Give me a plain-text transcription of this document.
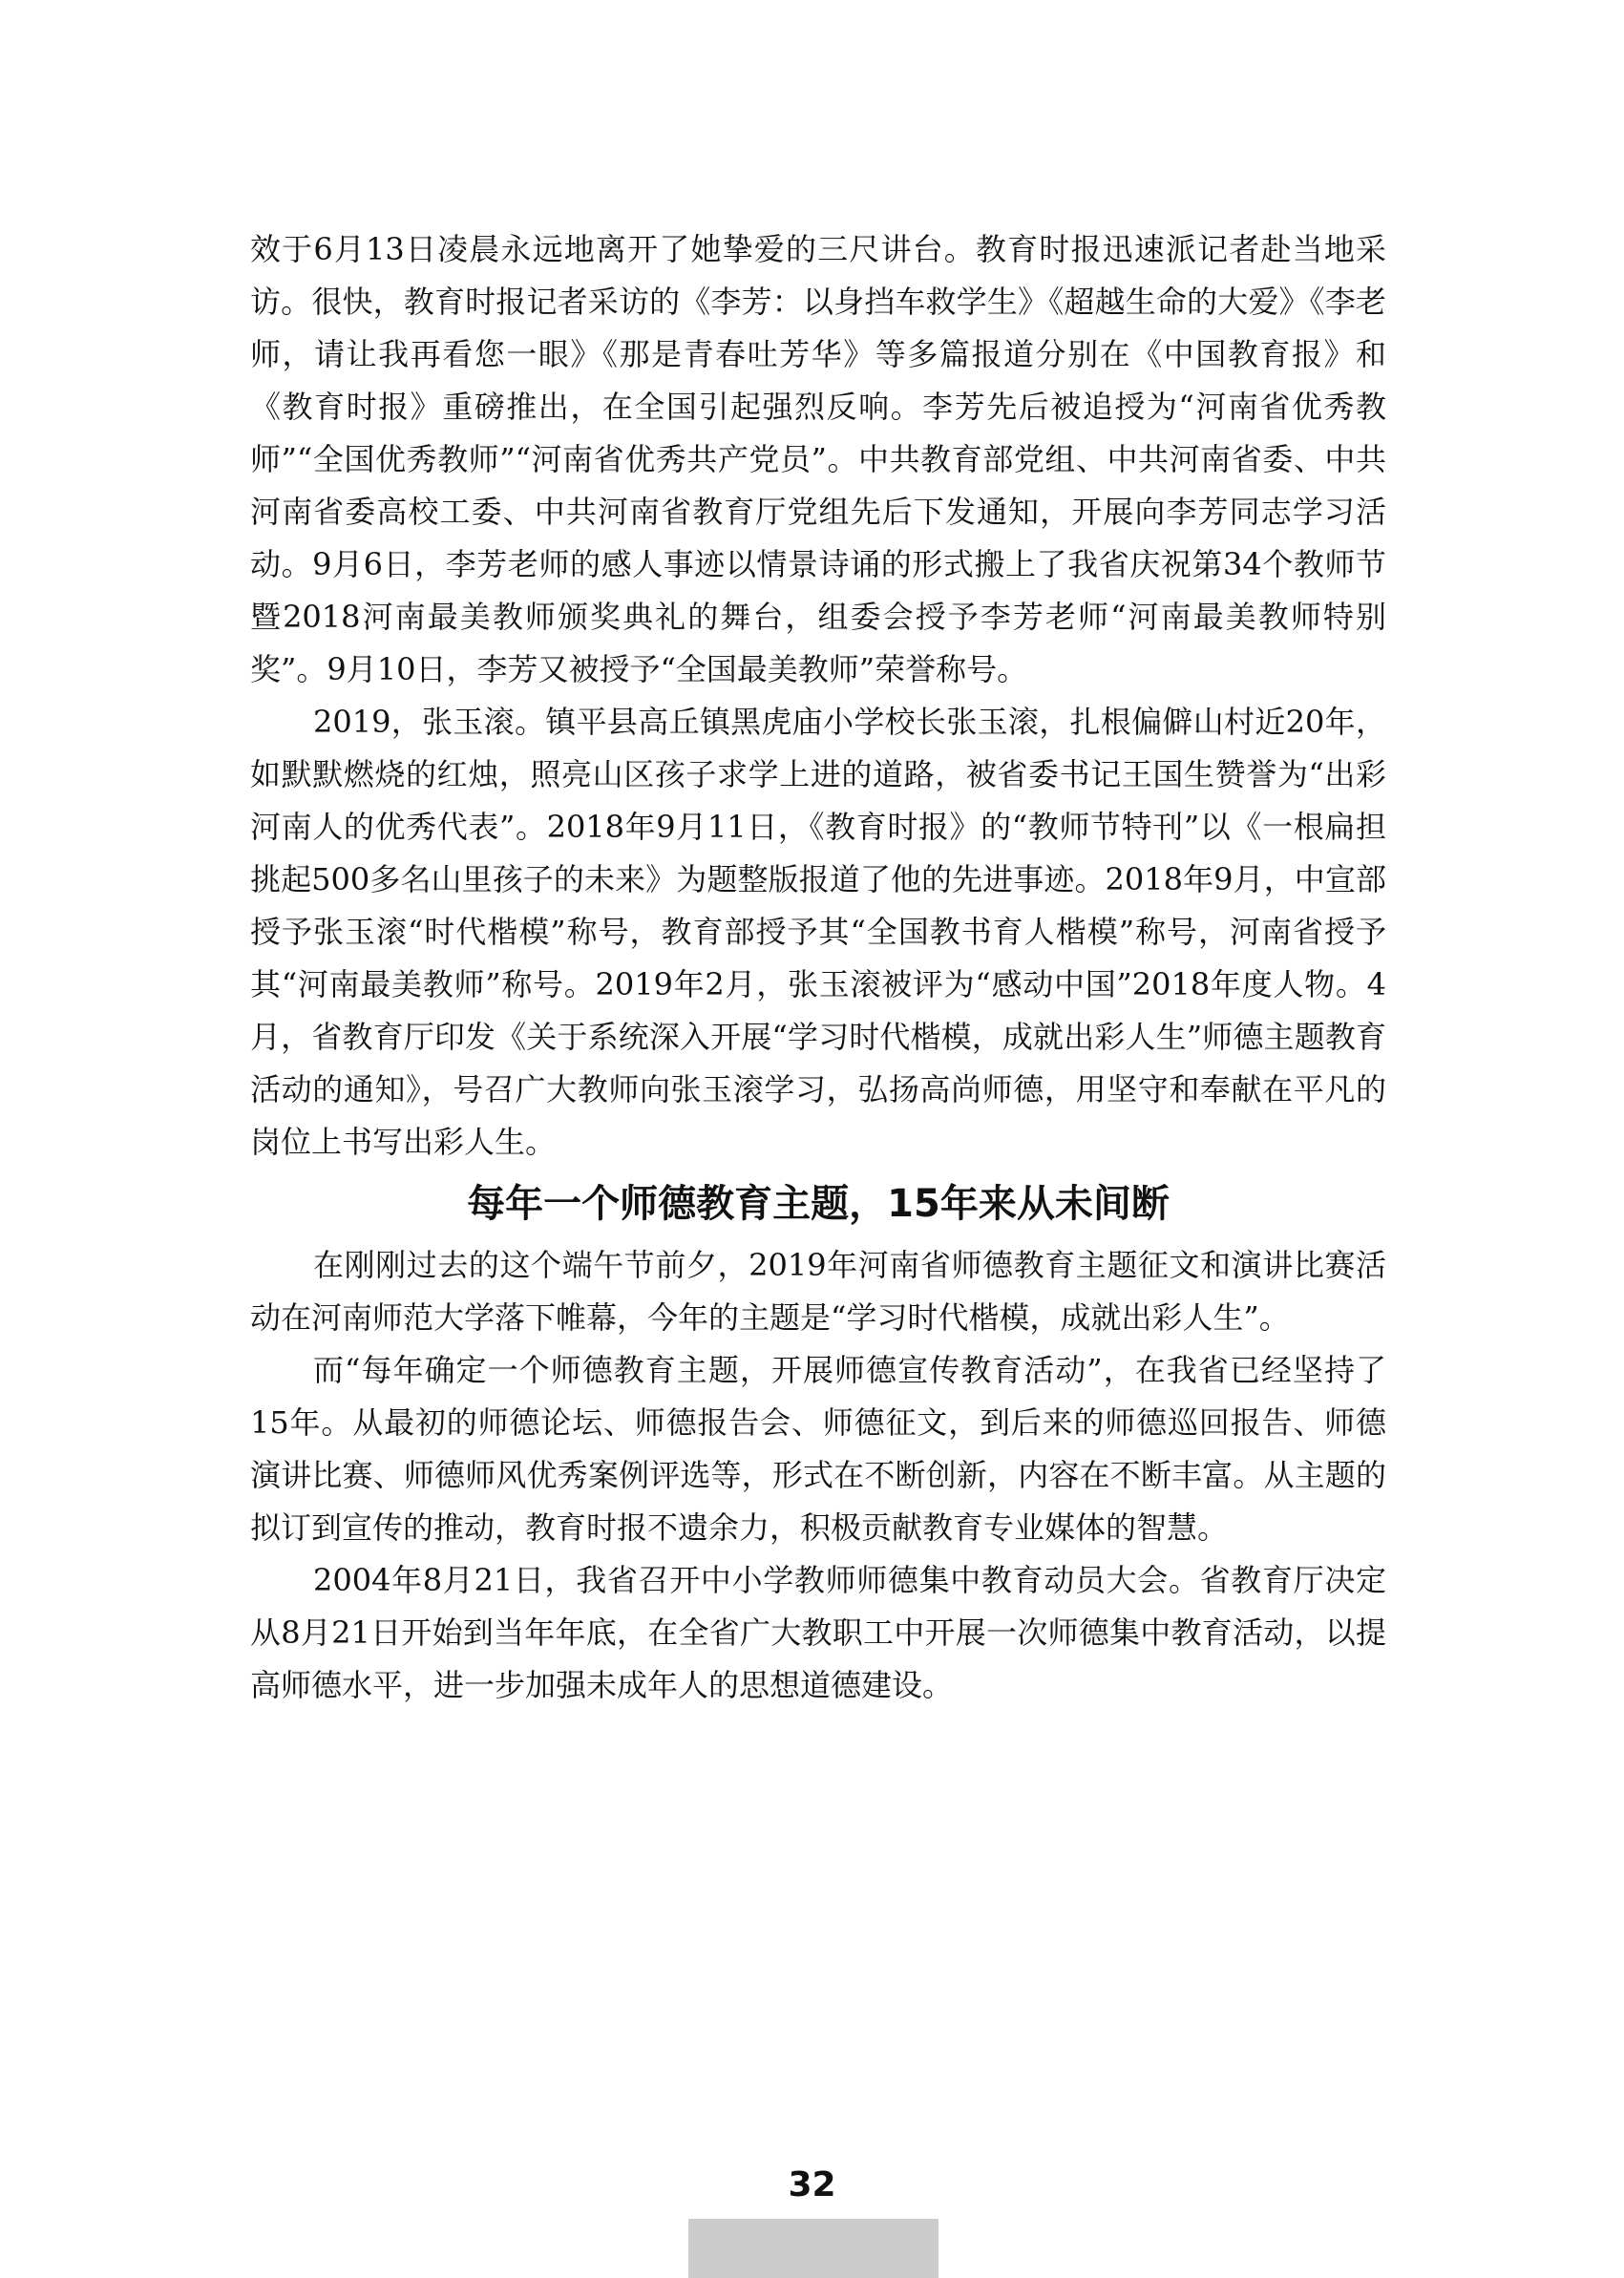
效于6月13日凌晨永远地离开了她挚爱的三尺讲台。教育时报迅速派记者赴当地采访。很快，教育时报记者采访的《李芳：以身挡车救学生》《超越生命的大爱》《李老师，请让我再看您一眼》《那是青春吐芳华》等多篇报道分别在《中国教育报》和《教育时报》重磅推出，在全国引起强烈反响。李芳先后被追授为“河南省优秀教师”“全国优秀教师”“河南省优秀共产党员”。中共教育部党组、中共河南省委、中共河南省委高校工委、中共河南省教育厅党组先后下发通知，开展向李芳同志学习活动。9月6日，李芳老师的感人事迹以情景诗诵的形式搬上了我省庆祝第34个教师节暨2018河南最美教师颁奖典礼的舞台，组委会授予李芳老师“河南最美教师特别奖”。9月10日，李芳又被授予“全国最美教师”荣誉称号。

2019，张玉滚。镇平县高丘镇黑虎庙小学校长张玉滚，扎根偏僻山村近20年，如默默燃烧的红烛，照亮山区孩子求学上进的道路，被省委书记王国生赞誉为“出彩河南人的优秀代表”。2018年9月11日，《教育时报》的“教师节特刊”以《一根扁担挑起500多名山里孩子的未来》为题整版报道了他的先进事迹。2018年9月，中宣部授予张玉滚“时代楷模”称号，教育部授予其“全国教书育人楷模”称号，河南省授予其“河南最美教师”称号。2019年2月，张玉滚被评为“感动中国”2018年度人物。4月，省教育厅印发《关于系统深入开展“学习时代楷模，成就出彩人生”师德主题教育活动的通知》，号召广大教师向张玉滚学习，弘扬高尚师德，用坚守和奉献在平凡的岗位上书写出彩人生。

每年一个师德教育主题，15年来从未间断

在刚刚过去的这个端午节前夕，2019年河南省师德教育主题征文和演讲比赛活动在河南师范大学落下帷幕，今年的主题是“学习时代楷模，成就出彩人生”。

而“每年确定一个师德教育主题，开展师德宣传教育活动”，在我省已经坚持了15年。从最初的师德论坛、师德报告会、师德征文，到后来的师德巡回报告、师德演讲比赛、师德师风优秀案例评选等，形式在不断创新，内容在不断丰富。从主题的拟订到宣传的推动，教育时报不遗余力，积极贡献教育专业媒体的智慧。

2004年8月21日，我省召开中小学教师师德集中教育动员大会。省教育厅决定从8月21日开始到当年年底，在全省广大教职工中开展一次师德集中教育活动，以提高师德水平，进一步加强未成年人的思想道德建设。

32
